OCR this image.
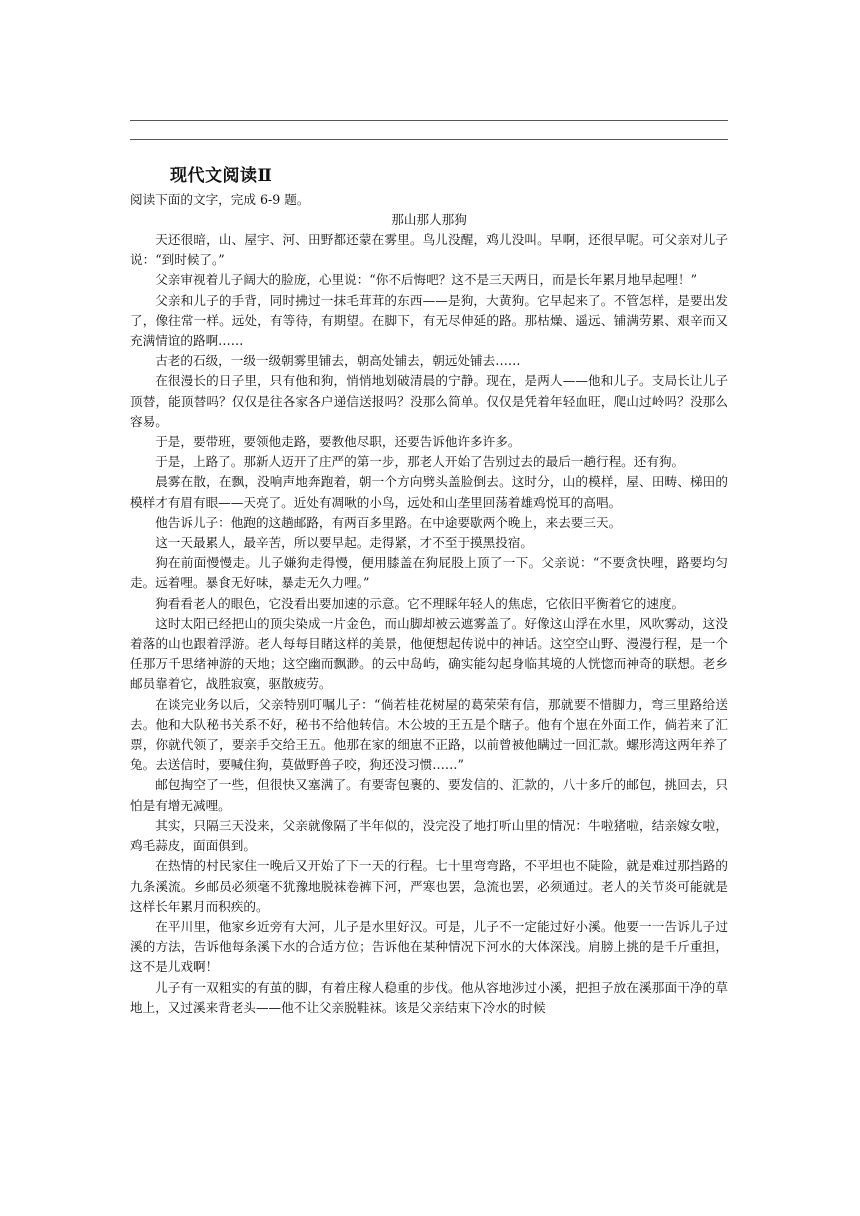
现代文阅读Ⅱ

阅读下面的文字，完成 6-9 题。

那山那人那狗

天还很暗，山、屋宇、河、田野都还蒙在雾里。鸟儿没醒，鸡儿没叫。早啊，还很早呢。可父亲对儿子说：“到时候了。”

父亲审视着儿子阔大的脸庞，心里说：“你不后悔吧？这不是三天两日，而是长年累月地早起哩！”

父亲和儿子的手背，同时拂过一抹毛茸茸的东西——是狗，大黄狗。它早起来了。不管怎样，是要出发了，像往常一样。远处，有等待，有期望。在脚下，有无尽伸延的路。那枯燥、遥远、铺满劳累、艰辛而又充满情谊的路啊……

古老的石级，一级一级朝雾里铺去，朝高处铺去，朝远处铺去……

在很漫长的日子里，只有他和狗，悄悄地划破清晨的宁静。现在，是两人——他和儿子。支局长让儿子顶替，能顶替吗？仅仅是往各家各户递信送报吗？没那么简单。仅仅是凭着年轻血旺，爬山过岭吗？没那么容易。

于是，要带班，要领他走路，要教他尽职，还要告诉他许多许多。

于是，上路了。那新人迈开了庄严的第一步，那老人开始了告别过去的最后一趟行程。还有狗。

晨雾在散，在飘，没响声地奔跑着，朝一个方向劈头盖脸倒去。这时分，山的模样，屋、田畴、梯田的模样才有眉有眼——天亮了。近处有凋啾的小鸟，远处和山垄里回荡着雄鸡悦耳的高唱。

他告诉儿子：他跑的这趟邮路，有两百多里路。在中途要歇两个晚上，来去要三天。

这一天最累人，最辛苦，所以要早起。走得紧，才不至于摸黑投宿。

狗在前面慢慢走。儿子嫌狗走得慢，便用膝盖在狗屁股上顶了一下。父亲说：“不要贪快哩，路要均匀走。远着哩。暴食无好味，暴走无久力哩。”

狗看看老人的眼色，它没看出要加速的示意。它不理睬年轻人的焦虑，它依旧平衡着它的速度。

这时太阳已经把山的顶尖染成一片金色，而山脚却被云遮雾盖了。好像这山浮在水里，风吹雾动，这没着落的山也跟着浮游。老人每每目睹这样的美景，他便想起传说中的神话。这空空山野、漫漫行程，是一个任那万千思绪神游的天地；这空幽而飘渺。的云中岛屿，确实能勾起身临其境的人恍惚而神奇的联想。老乡邮员靠着它，战胜寂寞，驱散疲劳。

在谈完业务以后，父亲特别叮嘱儿子：“倘若桂花树屋的葛荣荣有信，那就要不惜脚力，弯三里路给送去。他和大队秘书关系不好，秘书不给他转信。木公坡的王五是个瞎子。他有个崽在外面工作，倘若来了汇票，你就代领了，要亲手交给王五。他那在家的细崽不正路，以前曾被他瞒过一回汇款。螺形湾这两年养了兔。去送信时，要喊住狗，莫做野兽子咬，狗还没习惯……”

邮包掏空了一些，但很快又塞满了。有要寄包裹的、要发信的、汇款的，八十多斤的邮包，挑回去，只怕是有增无减哩。

其实，只隔三天没来，父亲就像隔了半年似的，没完没了地打听山里的情况：牛啦猪啦，结亲嫁女啦，鸡毛蒜皮，面面俱到。

在热情的村民家住一晚后又开始了下一天的行程。七十里弯弯路，不平坦也不陡险，就是难过那挡路的九条溪流。乡邮员必须毫不犹豫地脱袜卷裤下河，严寒也罢，急流也罢，必须通过。老人的关节炎可能就是这样长年累月而积疾的。

在平川里，他家乡近旁有大河，儿子是水里好汉。可是，儿子不一定能过好小溪。他要一一告诉儿子过溪的方法，告诉他每条溪下水的合适方位；告诉他在某种情况下河水的大体深浅。肩膀上挑的是千斤重担，这不是儿戏啊！

儿子有一双粗实的有茧的脚，有着庄稼人稳重的步伐。他从容地涉过小溪，把担子放在溪那面干净的草地上，又过溪来背老头——他不让父亲脱鞋袜。该是父亲结束下冷水的时候
